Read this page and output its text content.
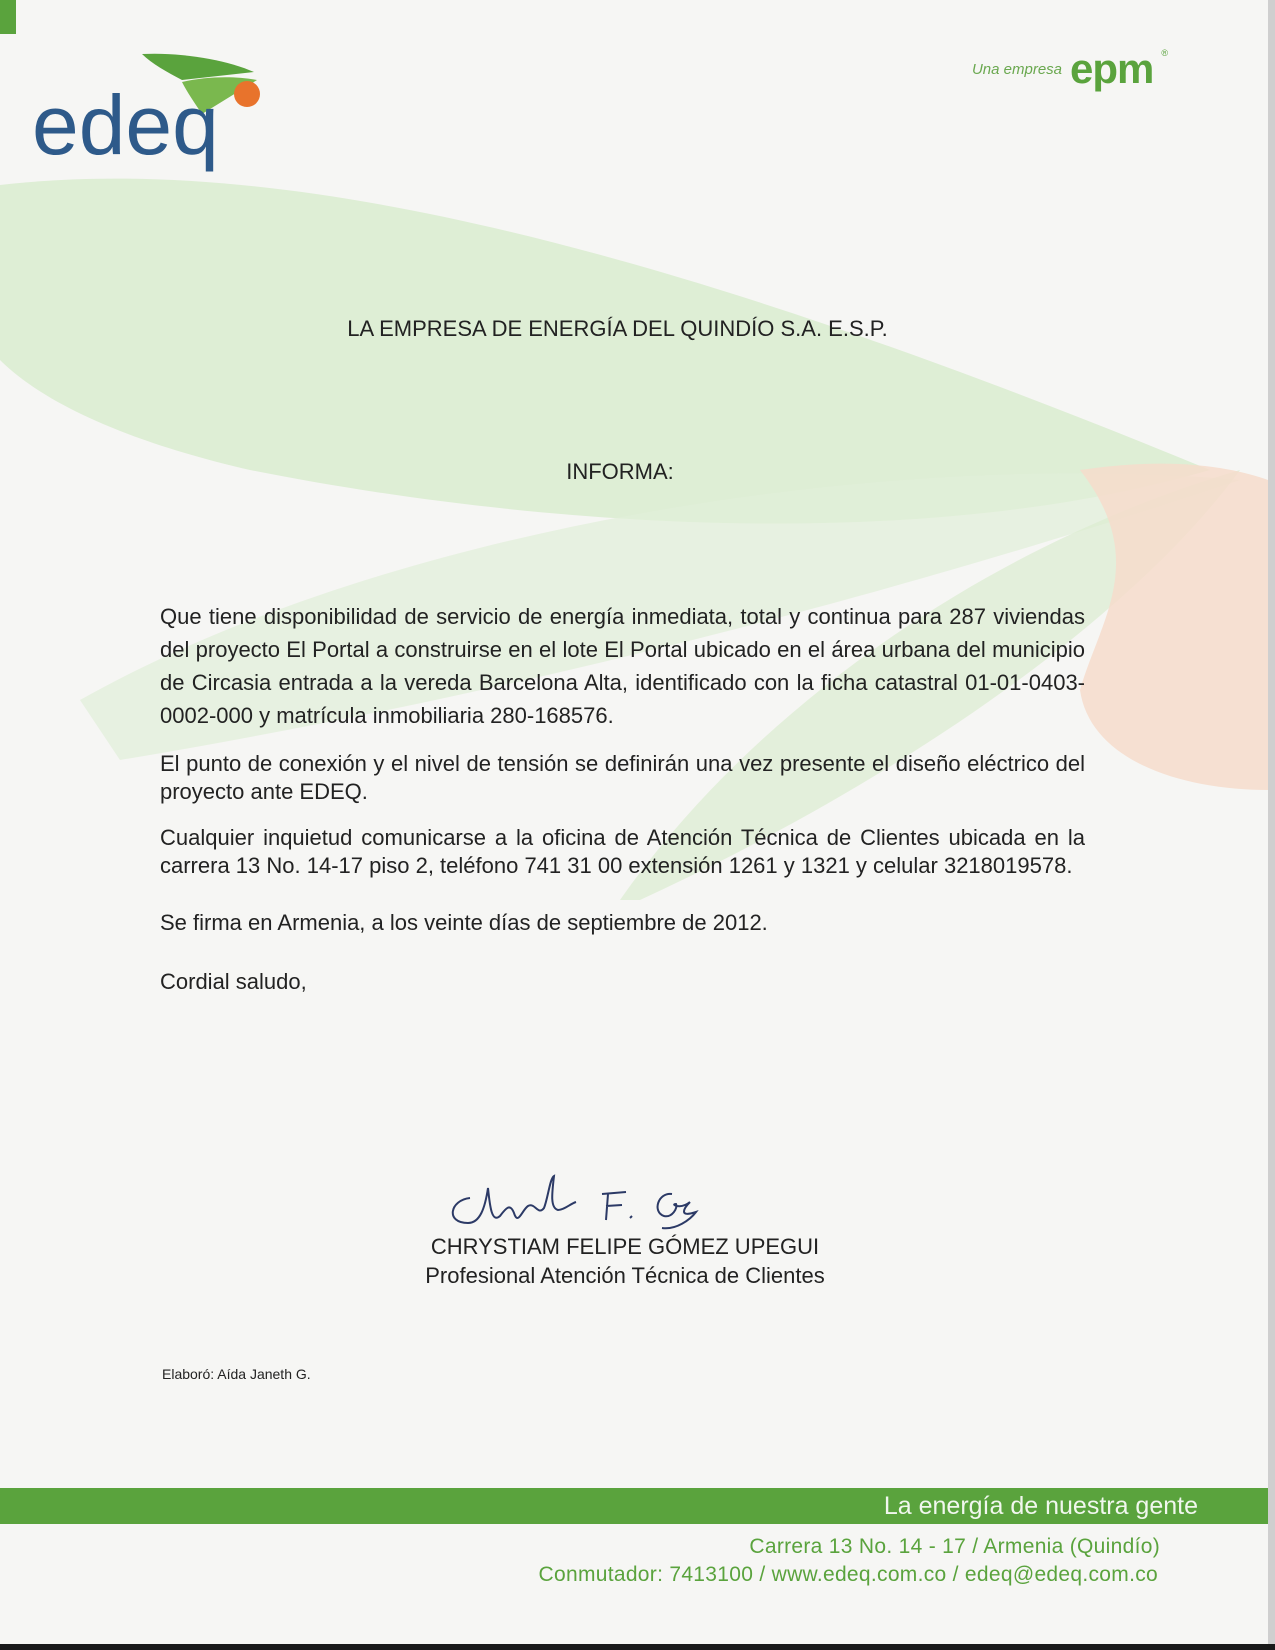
edeq
Una empresa epm ®
LA EMPRESA DE ENERGÍA DEL QUINDÍO S.A. E.S.P.
INFORMA:

Que tiene disponibilidad de servicio de energía inmediata, total y continua para 287 viviendas del proyecto El Portal a construirse en el lote El Portal ubicado en el área urbana del municipio de Circasia entrada a la vereda Barcelona Alta, identificado con la ficha catastral 01-01-0403-0002-000 y matrícula inmobiliaria 280-168576.

El punto de conexión y el nivel de tensión se definirán una vez presente el diseño eléctrico del proyecto ante EDEQ.

Cualquier inquietud comunicarse a la oficina de Atención Técnica de Clientes ubicada en la carrera 13 No. 14-17 piso 2, teléfono 741 31 00 extensión 1261 y 1321 y celular 3218019578.

Se firma en Armenia, a los veinte días de septiembre de 2012.

Cordial saludo,

CHRYSTIAM FELIPE GÓMEZ UPEGUI
Profesional Atención Técnica de Clientes
Elaboró: Aída Janeth G.
La energía de nuestra gente
Carrera 13 No. 14 - 17 / Armenia (Quindío)
Conmutador: 7413100 / www.edeq.com.co / edeq@edeq.com.co
